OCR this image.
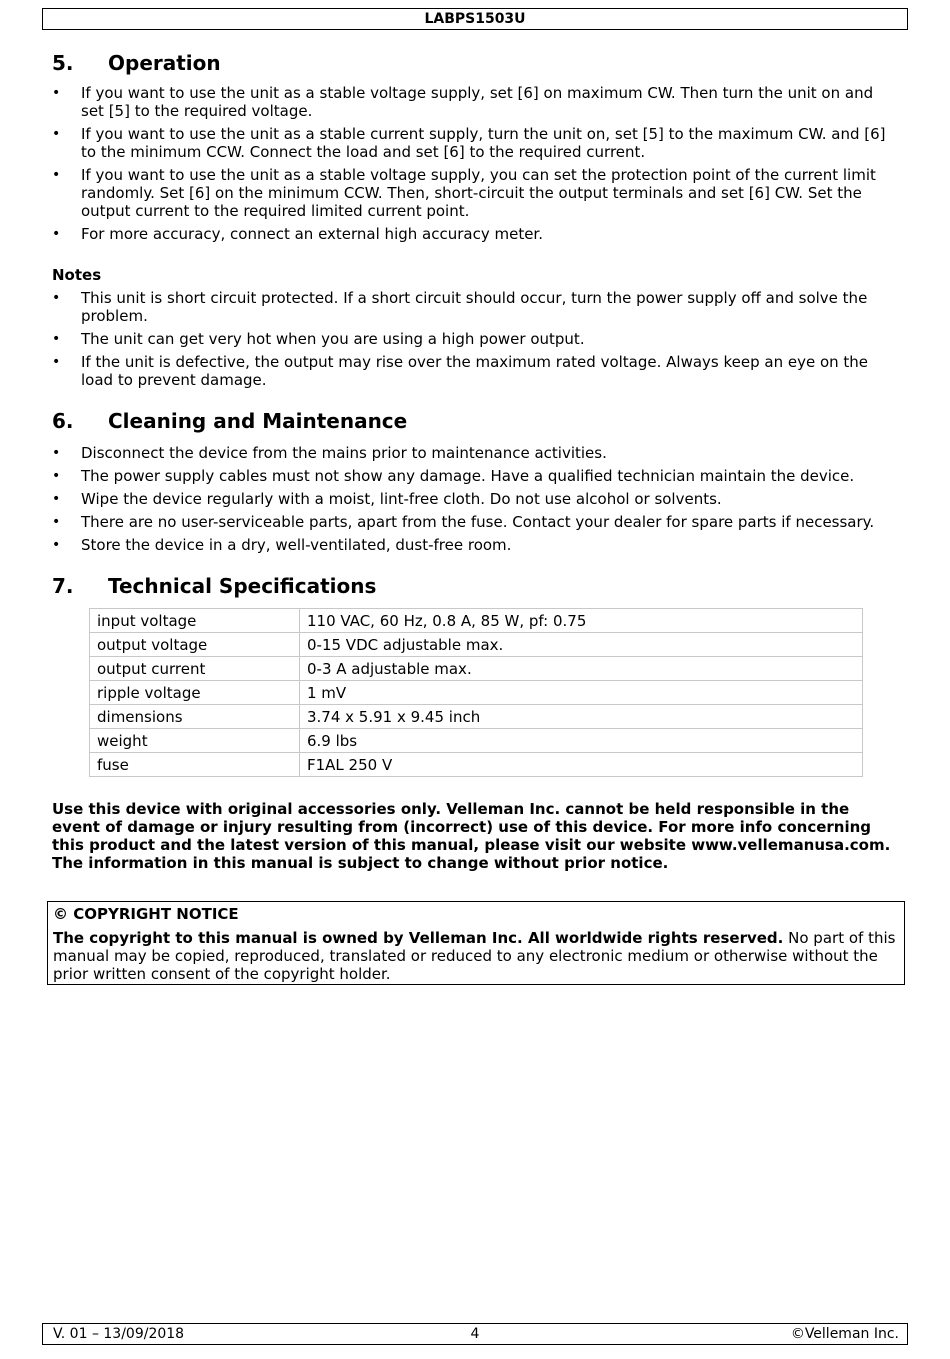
LABPS1503U
5. Operation
• If you want to use the unit as a stable voltage supply, set [6] on maximum CW. Then turn the unit on and set [5] to the required voltage.
• If you want to use the unit as a stable current supply, turn the unit on, set [5] to the maximum CW. and [6] to the minimum CCW. Connect the load and set [6] to the required current.
• If you want to use the unit as a stable voltage supply, you can set the protection point of the current limit randomly. Set [6] on the minimum CCW. Then, short-circuit the output terminals and set [6] CW. Set the output current to the required limited current point.
• For more accuracy, connect an external high accuracy meter.

Notes

• This unit is short circuit protected. If a short circuit should occur, turn the power supply off and solve the problem.
• The unit can get very hot when you are using a high power output.
• If the unit is defective, the output may rise over the maximum rated voltage. Always keep an eye on the load to prevent damage.
6. Cleaning and Maintenance
• Disconnect the device from the mains prior to maintenance activities.
• The power supply cables must not show any damage. Have a qualified technician maintain the device.
• Wipe the device regularly with a moist, lint-free cloth. Do not use alcohol or solvents.
• There are no user-serviceable parts, apart from the fuse. Contact your dealer for spare parts if necessary.
• Store the device in a dry, well-ventilated, dust-free room.
7. Technical Specifications
input voltage	110 VAC, 60 Hz, 0.8 A, 85 W, pf: 0.75
output voltage	0-15 VDC adjustable max.
output current	0-3 A adjustable max.
ripple voltage	1 mV
dimensions	3.74 x 5.91 x 9.45 inch
weight	6.9 lbs
fuse	F1AL 250 V
Use this device with original accessories only. Velleman Inc. cannot be held responsible in the event of damage or injury resulting from (incorrect) use of this device. For more info concerning this product and the latest version of this manual, please visit our website www.vellemanusa.com. The information in this manual is subject to change without prior notice.
© COPYRIGHT NOTICE
The copyright to this manual is owned by Velleman Inc. All worldwide rights reserved. No part of this manual may be copied, reproduced, translated or reduced to any electronic medium or otherwise without the prior written consent of the copyright holder.
V. 01 – 13/09/2018	4	©Velleman Inc.
